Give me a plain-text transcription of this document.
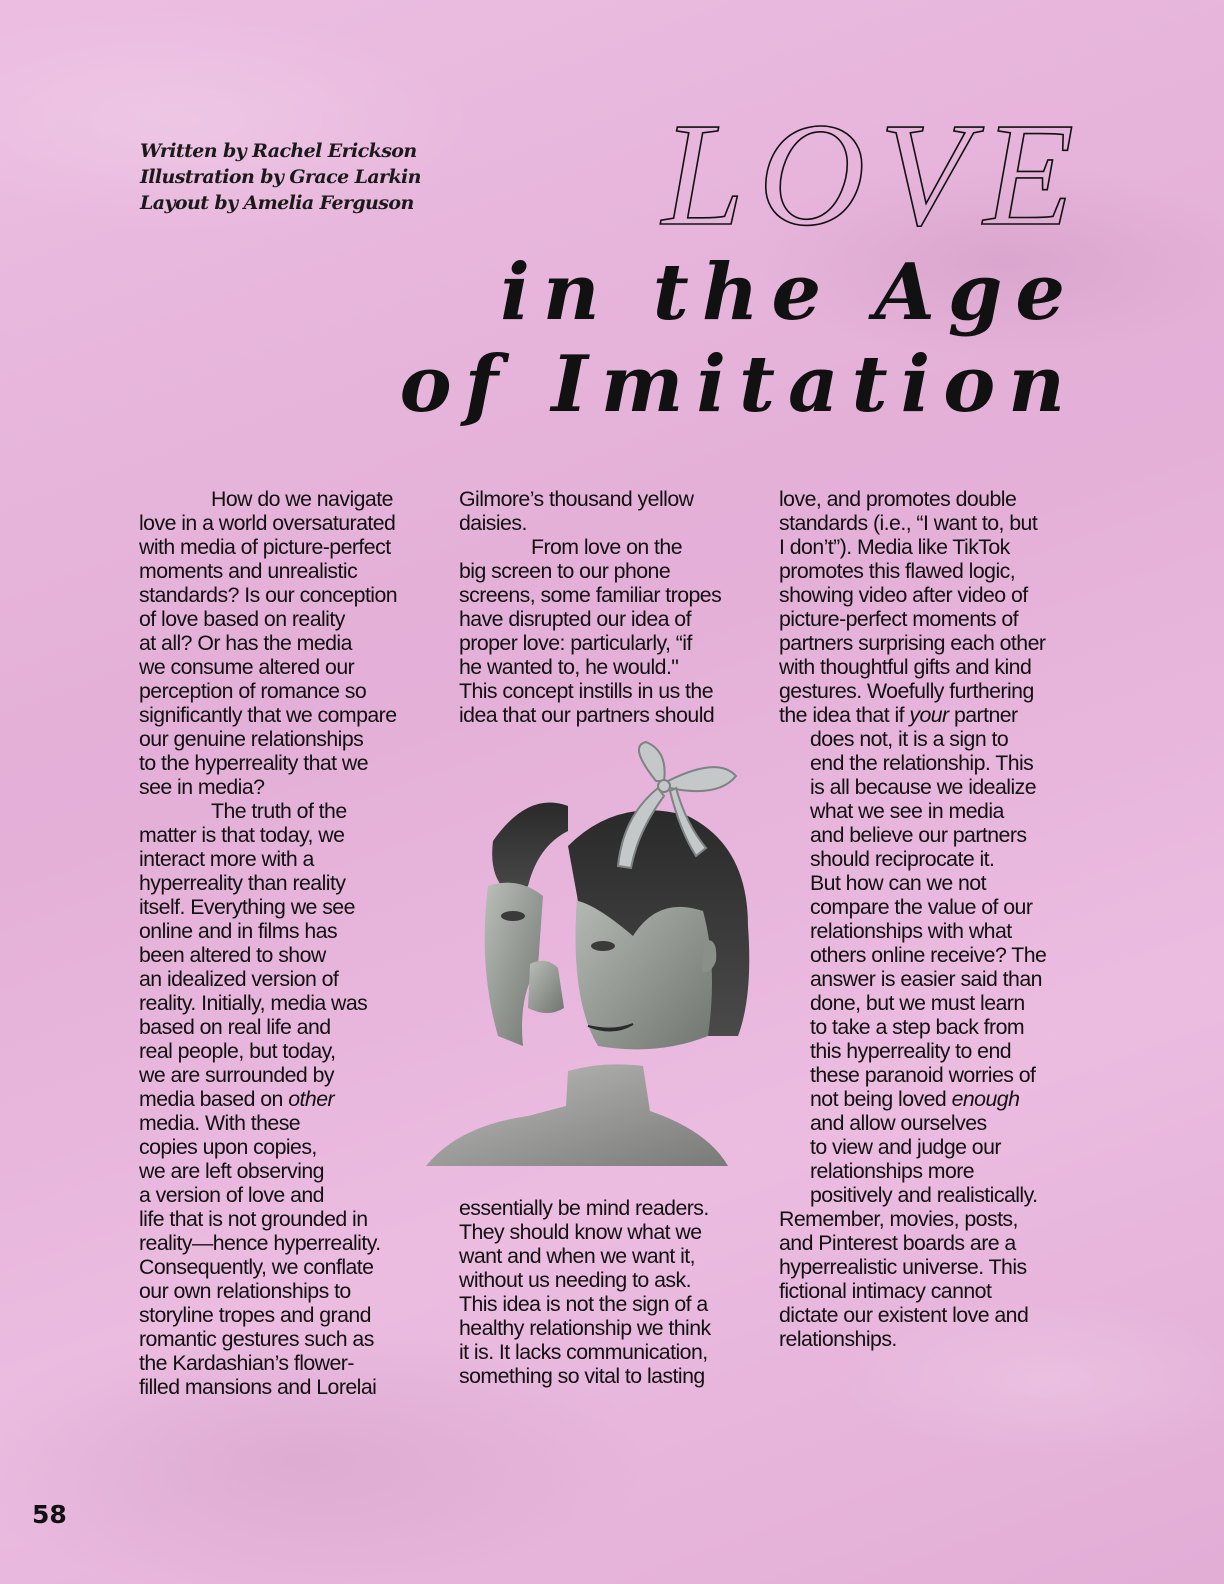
Written by Rachel Erickson
Illustration by Grace Larkin
Layout by Amelia Ferguson	LOVE
in the Age
of Imitation

How do we navigate

love in a world oversaturated

with media of picture-perfect

moments and unrealistic

standards? Is our conception

of love based on reality

at all? Or has the media

we consume altered our

perception of romance so

significantly that we compare

our genuine relationships

to the hyperreality that we

see in media?

The truth of the

matter is that today, we

interact more with a

hyperreality than reality

itself. Everything we see

online and in films has

been altered to show

an idealized version of

reality. Initially, media was

based on real life and

real people, but today,

we are surrounded by

media based on other

media. With these

copies upon copies,

we are left observing

a version of love and

life that is not grounded in

reality—hence hyperreality.

Consequently, we conflate

our own relationships to

storyline tropes and grand

romantic gestures such as

the Kardashian’s flower-

filled mansions and Lorelai

Gilmore’s thousand yellow

daisies.

From love on the

big screen to our phone

screens, some familiar tropes

have disrupted our idea of

proper love: particularly, “if

he wanted to, he would."

This concept instills in us the

idea that our partners should

essentially be mind readers.

They should know what we

want and when we want it,

without us needing to ask.

This idea is not the sign of a

healthy relationship we think

it is. It lacks communication,

something so vital to lasting

love, and promotes double

standards (i.e., “I want to, but

I don’t”). Media like TikTok

promotes this flawed logic,

showing video after video of

picture-perfect moments of

partners surprising each other

with thoughtful gifts and kind

gestures. Woefully furthering

the idea that if your partner

does not, it is a sign to

end the relationship. This

is all because we idealize

what we see in media

and believe our partners

should reciprocate it.

But how can we not

compare the value of our

relationships with what

others online receive? The

answer is easier said than

done, but we must learn

to take a step back from

this hyperreality to end

these paranoid worries of

not being loved enough

and allow ourselves

to view and judge our

relationships more

positively and realistically.

Remember, movies, posts,

and Pinterest boards are a

hyperrealistic universe. This

fictional intimacy cannot

dictate our existent love and

relationships.

58
